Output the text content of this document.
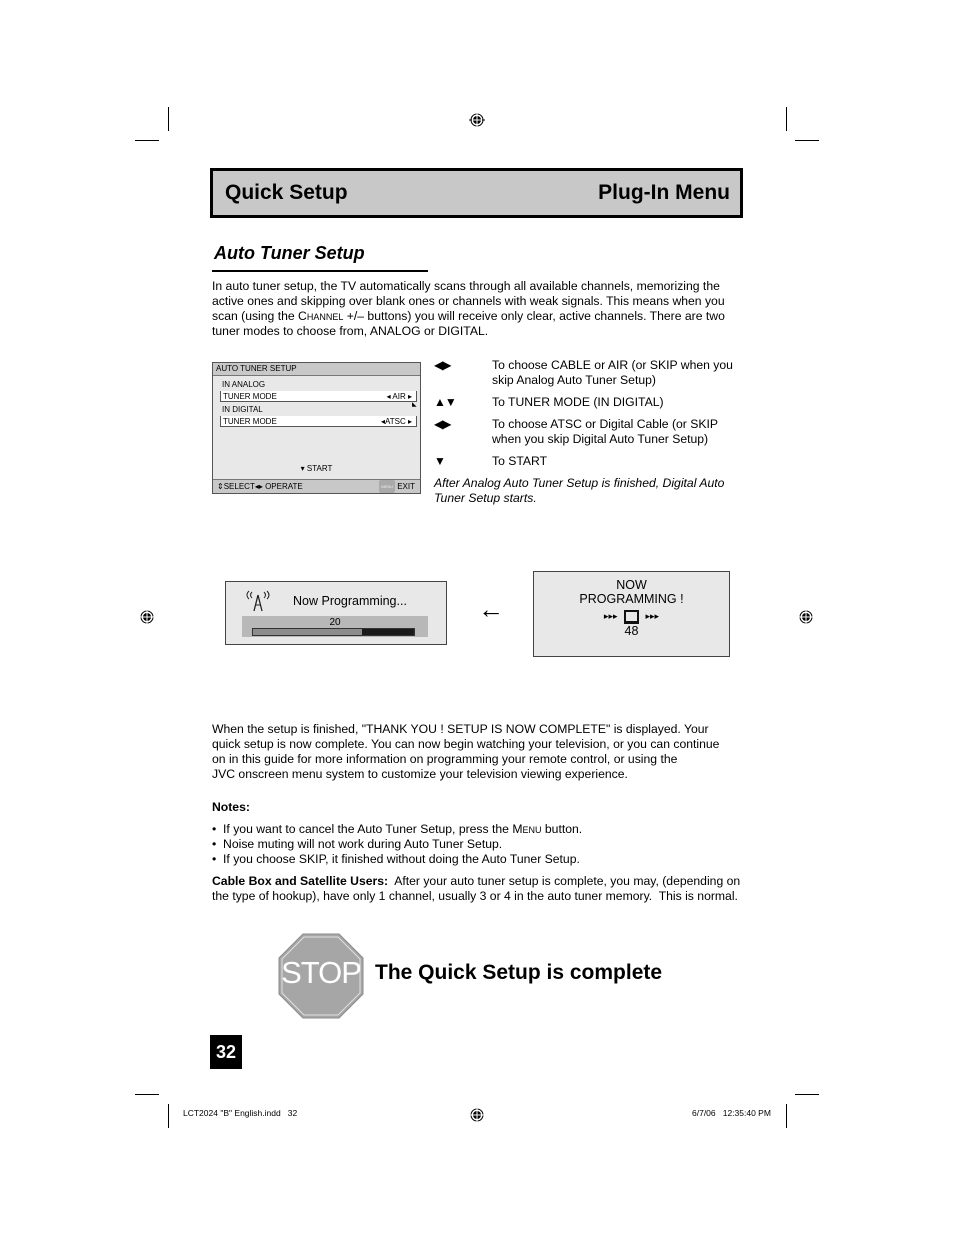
Quick Setup	Plug-In Menu
Auto Tuner Setup
In auto tuner setup, the TV automatically scans through all available channels, memorizing the active ones and skipping over blank ones or channels with weak signals. This means when you scan (using the Channel +/– buttons) you will receive only clear, active channels. There are two tuner modes to choose from, ANALOG or DIGITAL.
AUTO TUNER SETUP
IN ANALOG
TUNER MODE	◂ AIR ▸
◣
IN DIGITAL
TUNER MODE	◂ATSC ▸
▾ START
⇕SELECT◂▸ OPERATE	MENU EXIT
◀▶	To choose CABLE or AIR (or SKIP when you skip Analog Auto Tuner Setup)
▲▼	To TUNER MODE (IN DIGITAL)
◀▶	To choose ATSC or Digital Cable (or SKIP when you skip Digital Auto Tuner Setup)
▼	To START
After Analog Auto Tuner Setup is finished, Digital Auto Tuner Setup starts.
Now Programming...
20	←
NOW
PROGRAMMING !
▸▸▸	▸▸▸
48
When the setup is finished, "THANK YOU ! SETUP IS NOW COMPLETE" is displayed. Your
quick setup is now complete. You can now begin watching your television, or you can continue
on in this guide for more information on programming your remote control, or using the
JVC onscreen menu system to customize your television viewing experience.
Notes:
•  If you want to cancel the Auto Tuner Setup, press the Menu button.
•  Noise muting will not work during Auto Tuner Setup.
•  If you choose SKIP, it finished without doing the Auto Tuner Setup.
Cable Box and Satellite Users:  After your auto tuner setup is complete, you may, (depending on the type of hookup), have only 1 channel, usually 3 or 4 in the auto tuner memory.  This is normal.
STOP The Quick Setup is complete
32
LCT2024 "B" English.indd   32	6/7/06   12:35:40 PM
